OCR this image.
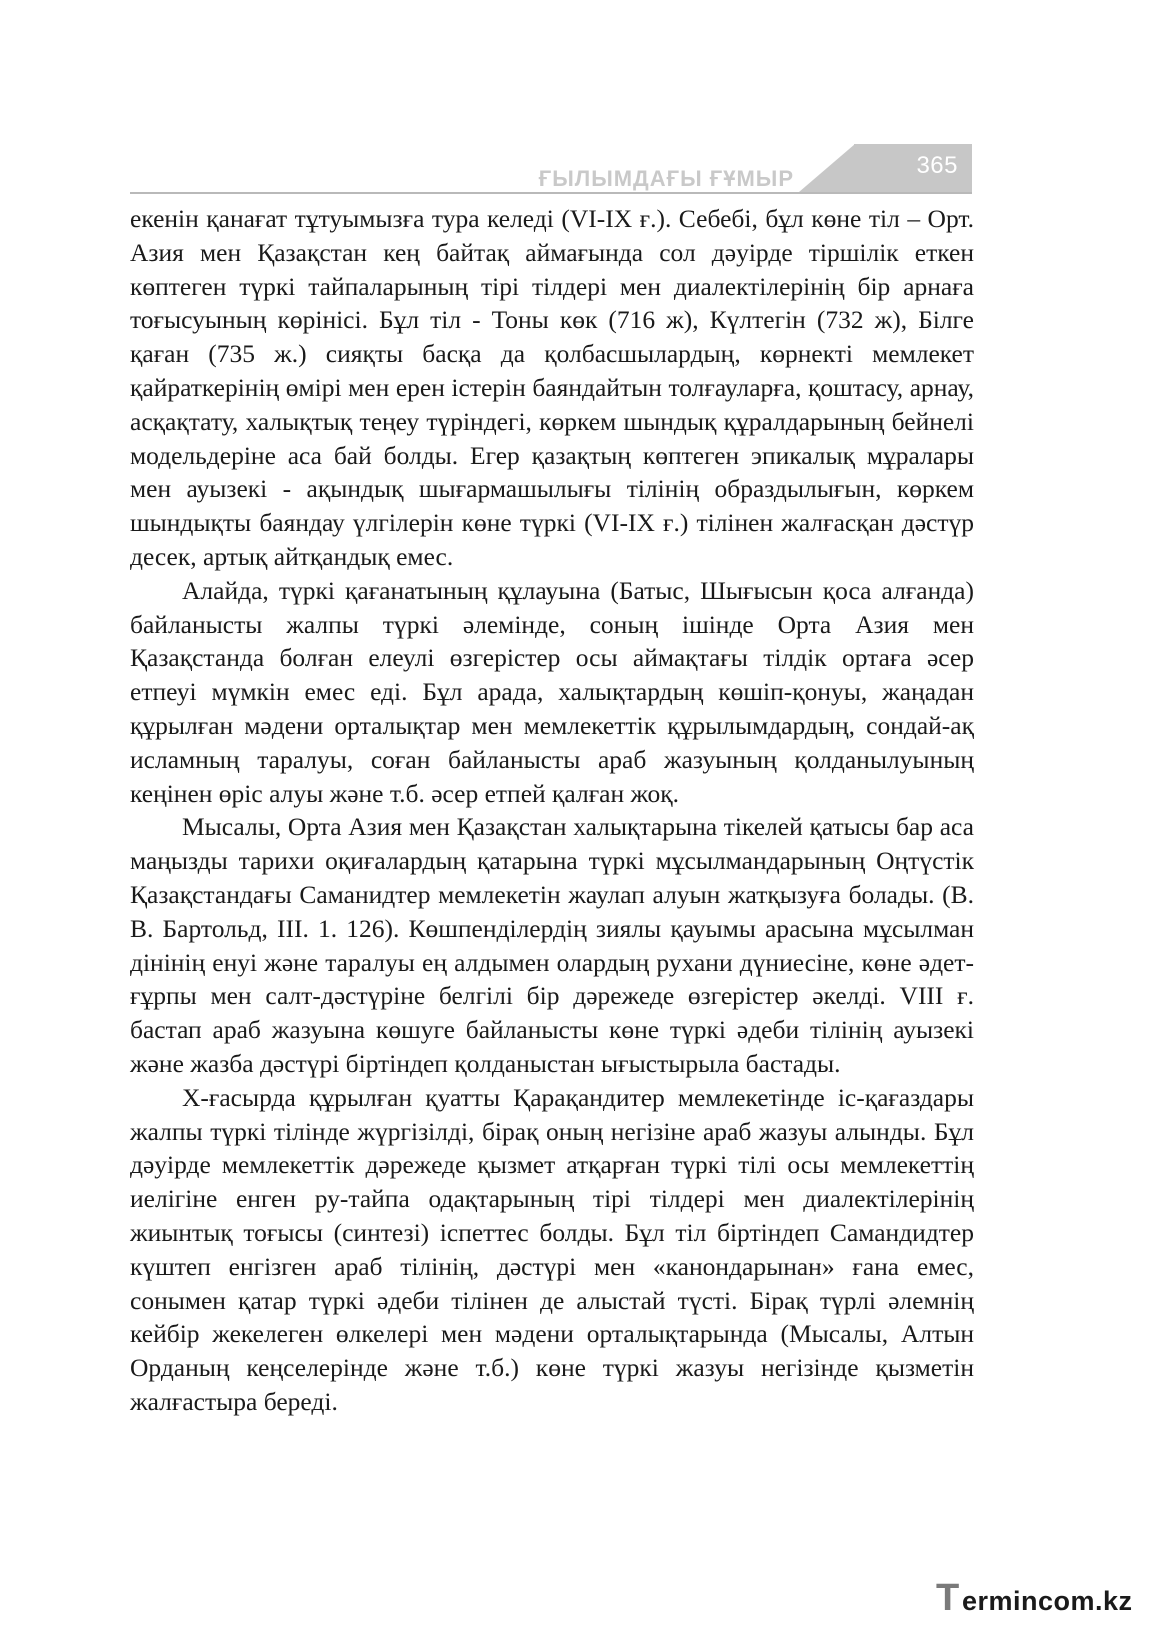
365
ҒЫЛЫМДАҒЫ ҒҰМЫР

екенін қанағат тұтуымызға тура келеді (VI-IX ғ.). Себебі, бұл көне тіл – Орт. Азия мен Қазақстан кең байтақ аймағында сол дәуірде тіршілік еткен көптеген түркі тайпаларының тірі тілдері мен диалектілерінің бір арнаға тоғысуының көрінісі. Бұл тіл - Тоны көк (716 ж), Күлтегін (732 ж), Білге қаған (735 ж.) сияқты басқа да қолбасшылардың, көрнекті мемлекет қайраткерінің өмірі мен ерен істерін баяндайтын толғауларға, қоштасу, арнау, асқақтату, халықтық теңеу түріндегі, көркем шындық құралдарының бейнелі модельдеріне аса бай болды. Егер қазақтың көптеген эпикалық мұралары мен ауызекі - ақындық шығармашылығы тілінің образдылығын, көркем шындықты баяндау үлгілерін көне түркі (VI-IX ғ.) тілінен жалғасқан дәстүр десек, артық айтқандық емес.

Алайда, түркі қағанатының құлауына (Батыс, Шығысын қоса алғанда) байланысты жалпы түркі әлемінде, соның ішінде Орта Азия мен Қазақстанда болған елеулі өзгерістер осы аймақтағы тілдік ортаға әсер етпеуі мүмкін емес еді. Бұл арада, халықтардың көшіп-қонуы, жаңадан құрылған мәдени орталықтар мен мемлекеттік құрылымдардың, сондай-ақ исламның таралуы, соған байланысты араб жазуының қолданылуының кеңінен өріс алуы және т.б. әсер етпей қалған жоқ.

Мысалы, Орта Азия мен Қазақстан халықтарына тікелей қатысы бар аса маңызды тарихи оқиғалардың қатарына түркі мұсылмандарының Оңтүстік Қазақстандағы Саманидтер мемлекетін жаулап алуын жатқызуға болады. (В. В. Бартольд, ІІІ. 1. 126). Көшпенділердің зиялы қауымы арасына мұсылман дінінің енуі және таралуы ең алдымен олардың рухани дүниесіне, көне әдет-ғұрпы мен салт-дәстүріне белгілі бір дәрежеде өзгерістер әкелді. VIII ғ. бастап араб жазуына көшуге байланысты көне түркі әдеби тілінің ауызекі және жазба дәстүрі біртіндеп қолданыстан ығыстырыла бастады.

Х-ғасырда құрылған қуатты Қарақандитер мемлекетінде іс-қағаздары жалпы түркі тілінде жүргізілді, бірақ оның негізіне араб жазуы алынды. Бұл дәуірде мемлекеттік дәрежеде қызмет атқарған түркі тілі осы мемлекеттің иелігіне енген ру-тайпа одақтарының тірі тілдері мен диалектілерінің жиынтық тоғысы (синтезі) іспеттес болды. Бұл тіл біртіндеп Самандидтер күштеп енгізген араб тілінің, дәстүрі мен «канондарынан» ғана емес, сонымен қатар түркі әдеби тілінен де алыстай түсті. Бірақ түрлі әлемнің кейбір жекелеген өлкелері мен мәдени орталықтарында (Мысалы, Алтын Орданың кеңселерінде және т.б.) көне түркі жазуы негізінде қызметін жалғастыра береді.

T ermincom.kz
